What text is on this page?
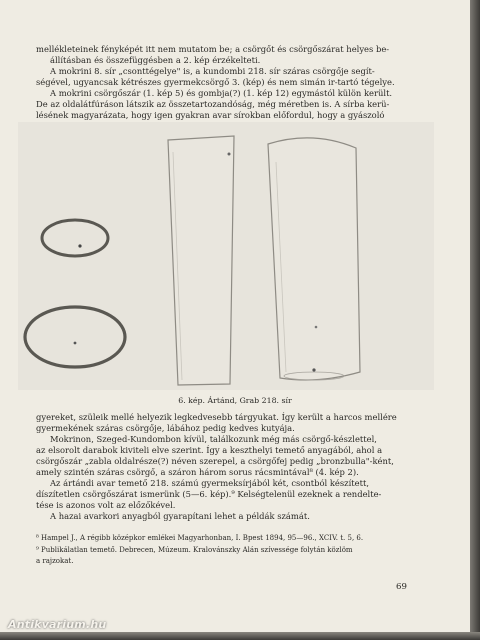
mellékleteinek fényképét itt nem mutatom be; a csörgőt és csörgőszárat helyes be-
állításban és összefüggésben a 2. kép érzékelteti.
A mokrini 8. sír „csonttégelye" is, a kundombi 218. sír száras csörgője segít-
ségével, ugyancsak kétrészes gyermekcsörgő 3. (kép) és nem simán ir-tartó tégelye.
A mokrini csörgőszár (1. kép 5) és gombja(?) (1. kép 12) egymástól külön került.
De az oldalátfúráson látszik az összetartozandóság, még méretben is. A sírba kerü-
lésének magyarázata, hogy igen gyakran avar sírokban előfordul, hogy a gyászoló
6. kép. Ártánd, Grab 218. sír
gyereket, szüleik mellé helyezik legkedvesebb tárgyukat. Így került a harcos mellére
gyermekének száras csörgője, lábához pedig kedves kutyája.
Mokrinon, Szeged-Kundombon kívül, találkozunk még más csörgő-készlettel,
az elsorolt darabok kiviteli elve szerint. Így a keszthelyi temető anyagából, ahol a
csörgőszár „zabla oldalrésze(?) néven szerepel, a csörgőfej pedig „bronzbulla"-ként,
amely szintén száras csörgő, a száron három sorus rácsmintával⁸ (4. kép 2).
Az ártándi avar temető 218. számú gyermeksírjából két, csontból készített,
díszítetlen csörgőszárat ismerünk (5—6. kép).⁹ Kelségtelenül ezeknek a rendelte-
tése is azonos volt az előzőkével.
A hazai avarkori anyagból gyarapítani lehet a példák számát.
⁸ Hampel J., A régibb középkor emlékei Magyarhonban, I. Bpest 1894, 95—96., XCIV. t. 5, 6.
⁹ Publikálatlan temető. Debrecen, Múzeum. Kralovánszky Alán szívessége folytán közlöm
a rajzokat.
69
Antikvarium.hu
